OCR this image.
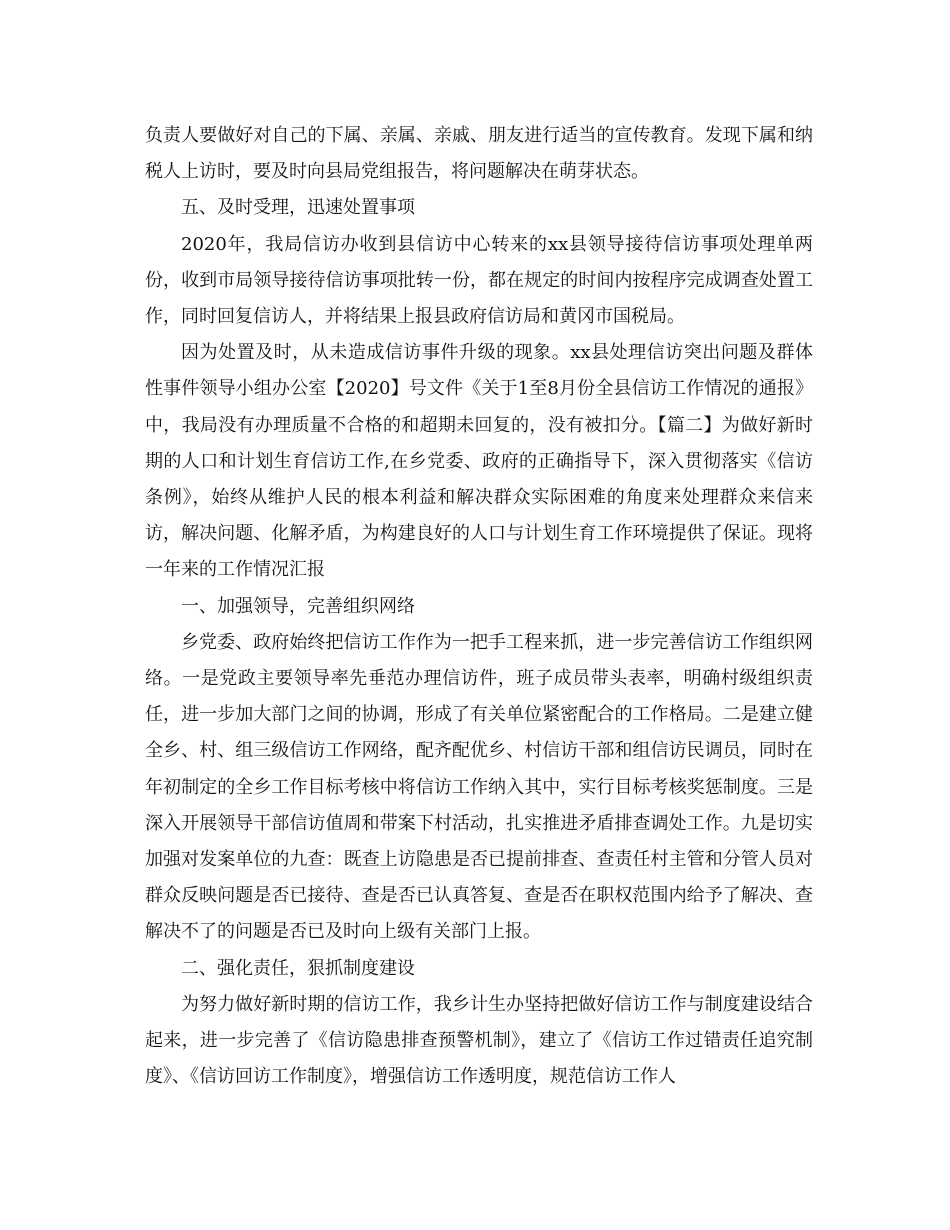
负责人要做好对自己的下属、亲属、亲戚、朋友进行适当的宣传教育。发现下属和纳税人上访时，要及时向县局党组报告，将问题解决在萌芽状态。

五、及时受理，迅速处置事项

2020年，我局信访办收到县信访中心转来的xx县领导接待信访事项处理单两份，收到市局领导接待信访事项批转一份，都在规定的时间内按程序完成调查处置工作，同时回复信访人，并将结果上报县政府信访局和黄冈市国税局。

因为处置及时，从未造成信访事件升级的现象。xx县处理信访突出问题及群体性事件领导小组办公室【2020】号文件《关于1至8月份全县信访工作情况的通报》中，我局没有办理质量不合格的和超期未回复的，没有被扣分。【篇二】为做好新时期的人口和计划生育信访工作,在乡党委、政府的正确指导下，深入贯彻落实《信访条例》，始终从维护人民的根本利益和解决群众实际困难的角度来处理群众来信来访，解决问题、化解矛盾，为构建良好的人口与计划生育工作环境提供了保证。现将一年来的工作情况汇报

一、加强领导，完善组织网络

乡党委、政府始终把信访工作作为一把手工程来抓，进一步完善信访工作组织网络。一是党政主要领导率先垂范办理信访件，班子成员带头表率，明确村级组织责任，进一步加大部门之间的协调，形成了有关单位紧密配合的工作格局。二是建立健全乡、村、组三级信访工作网络，配齐配优乡、村信访干部和组信访民调员，同时在年初制定的全乡工作目标考核中将信访工作纳入其中，实行目标考核奖惩制度。三是深入开展领导干部信访值周和带案下村活动，扎实推进矛盾排查调处工作。九是切实加强对发案单位的九查：既查上访隐患是否已提前排查、查责任村主管和分管人员对群众反映问题是否已接待、查是否已认真答复、查是否在职权范围内给予了解决、查解决不了的问题是否已及时向上级有关部门上报。

二、强化责任，狠抓制度建设

为努力做好新时期的信访工作，我乡计生办坚持把做好信访工作与制度建设结合起来，进一步完善了《信访隐患排查预警机制》，建立了《信访工作过错责任追究制度》、《信访回访工作制度》，增强信访工作透明度，规范信访工作人
